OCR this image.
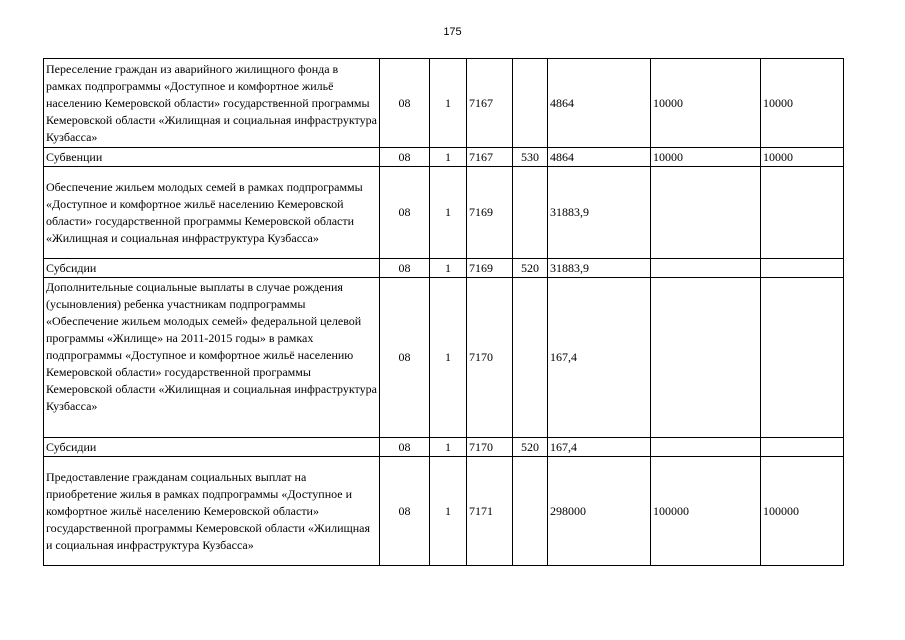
175
Переселение граждан из аварийного жилищного фонда в рамках подпрограммы «Доступное и комфортное жильё населению Кемеровской области» государственной программы Кемеровской области «Жилищная и социальная инфраструктура Кузбасса»	08	1	7167		4864	10000	10000
Субвенции	08	1	7167	530	4864	10000	10000
Обеспечение жильем молодых семей в рамках подпрограммы «Доступное и комфортное жильё населению Кемеровской области» государственной программы Кемеровской области «Жилищная и социальная инфраструктура Кузбасса»	08	1	7169		31883,9		
Субсидии	08	1	7169	520	31883,9		
Дополнительные социальные выплаты в случае рождения (усыновления) ребенка участникам подпрограммы «Обеспечение жильем молодых семей» федеральной целевой программы «Жилище» на 2011-2015 годы» в рамках подпрограммы «Доступное и комфортное жильё населению Кемеровской области» государственной программы Кемеровской области «Жилищная и социальная инфраструктура Кузбасса»	08	1	7170		167,4		
Субсидии	08	1	7170	520	167,4		
Предоставление гражданам социальных выплат на приобретение жилья в рамках подпрограммы «Доступное и комфортное жильё населению Кемеровской области» государственной программы Кемеровской области «Жилищная и социальная инфраструктура Кузбасса»	08	1	7171		298000	100000	100000
